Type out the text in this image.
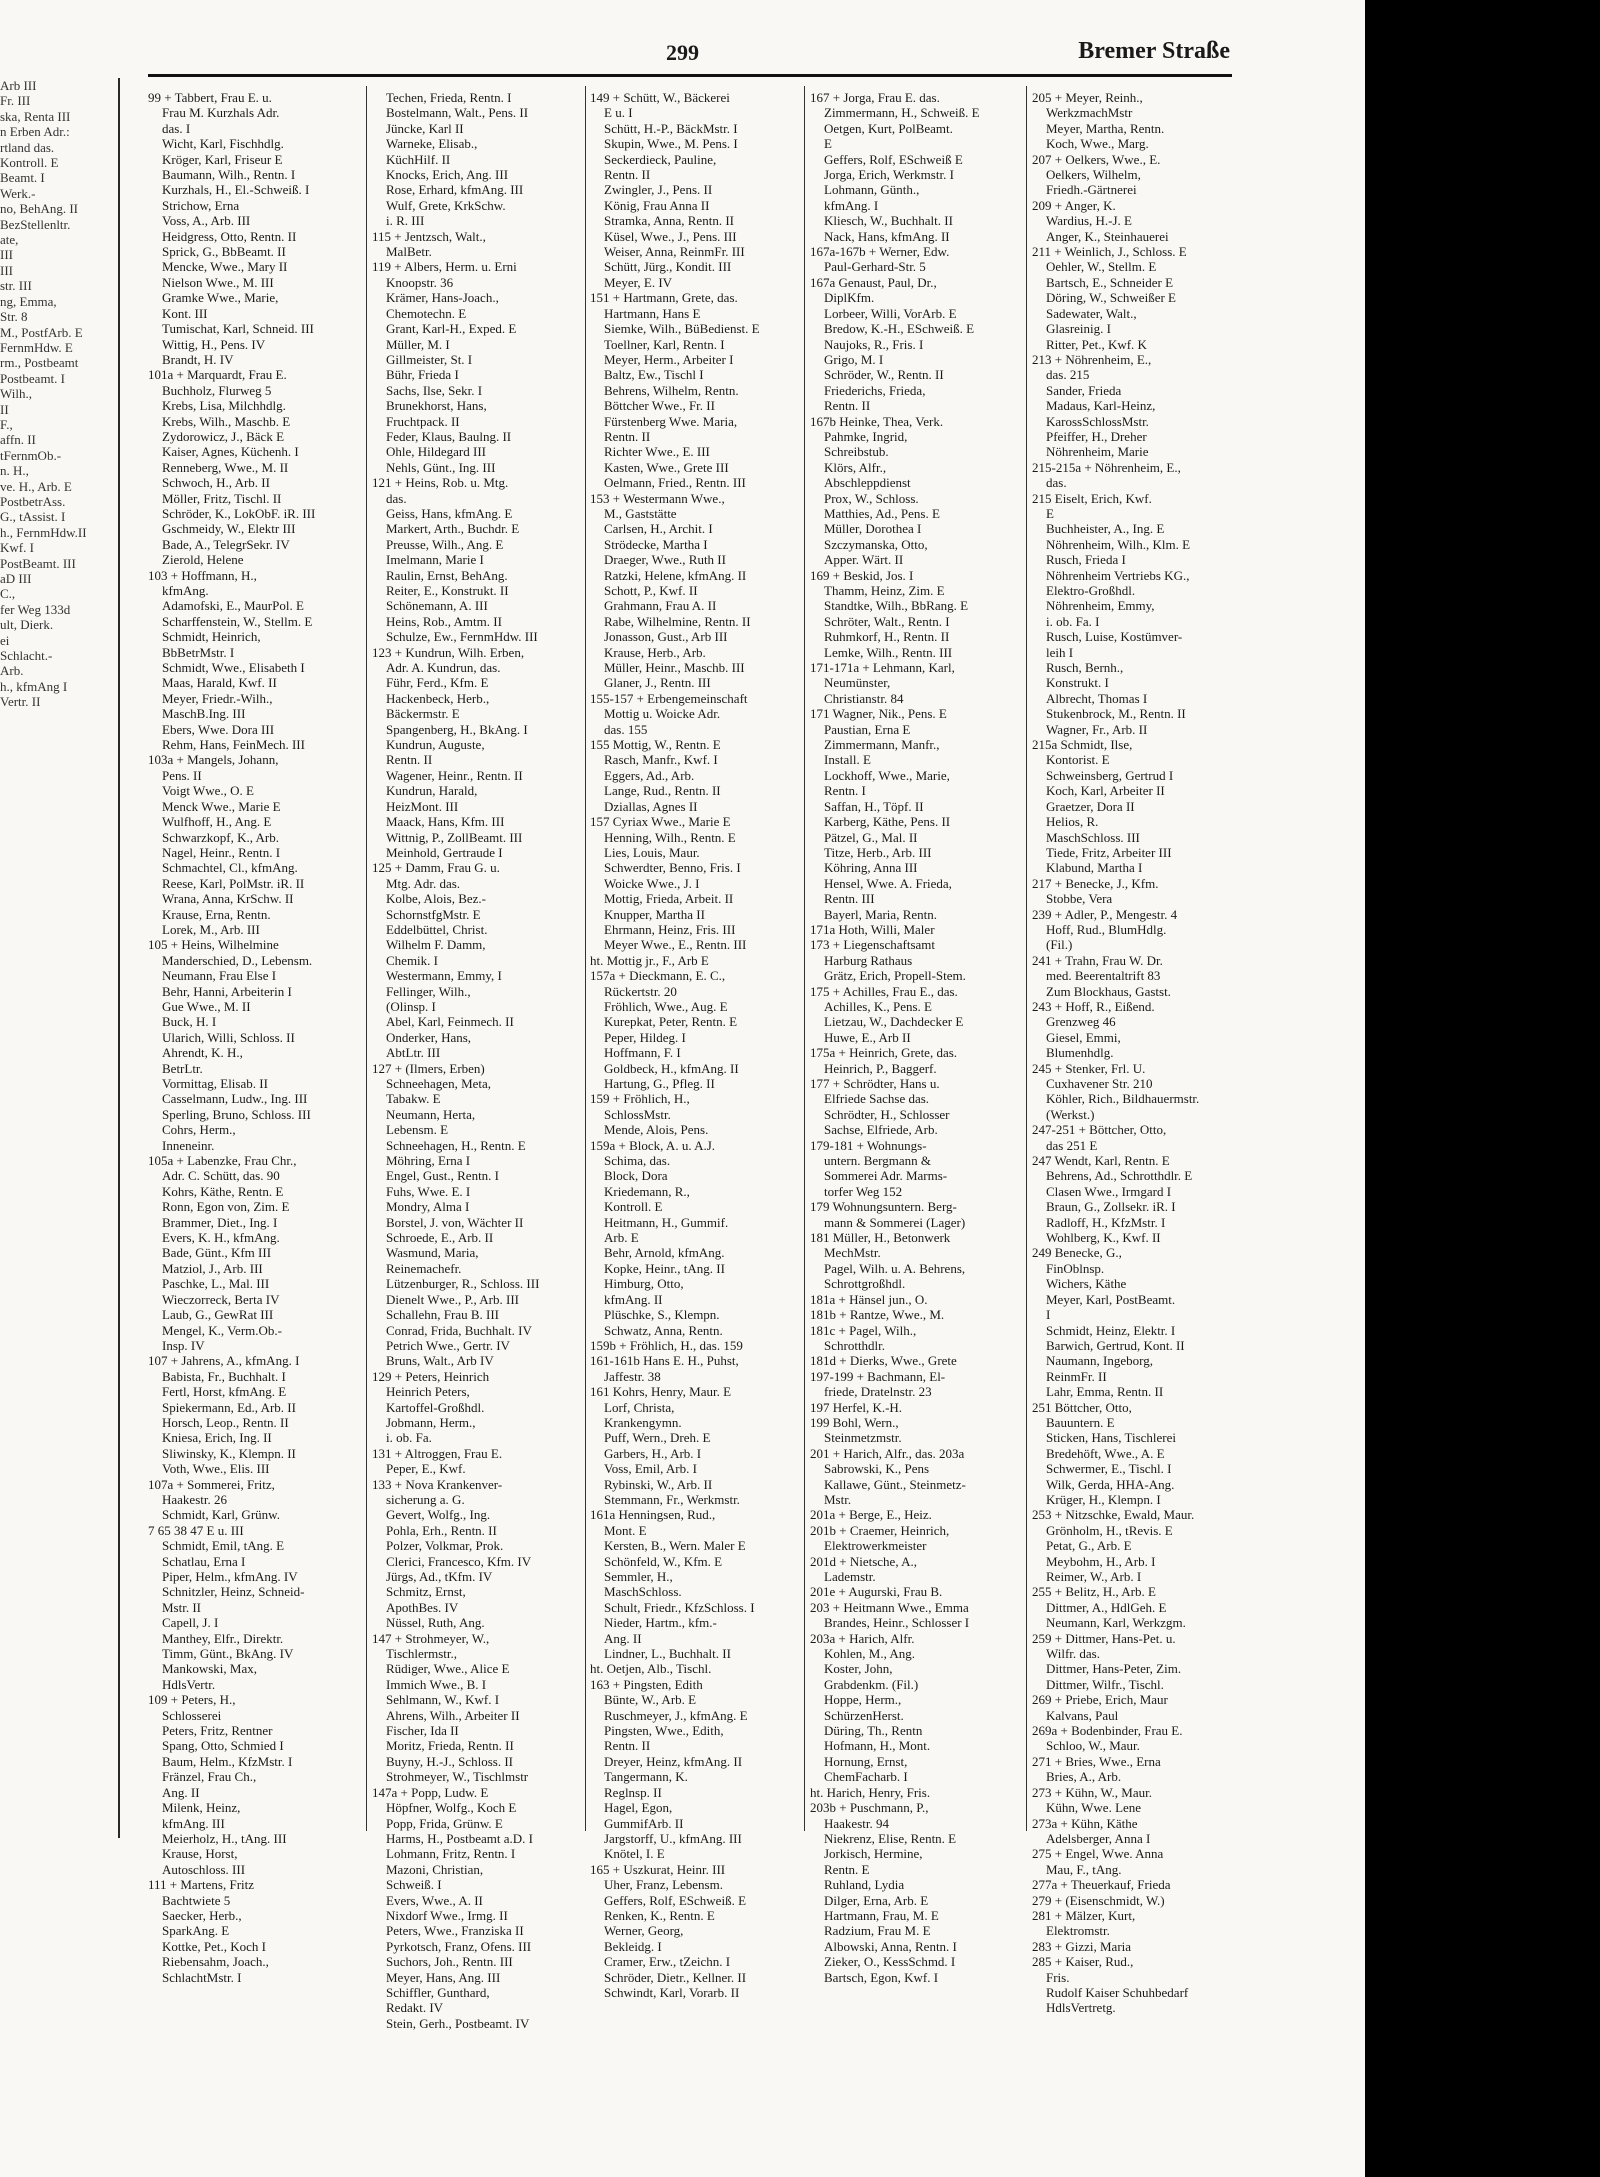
Arb III
Fr. III
ska, Renta III
n Erben Adr.:
rtland das.
Kontroll. E
Beamt. I
Werk.-
no, BehAng. II
BezStellenltr.
ate,
III
III
str. III
ng, Emma,
Str. 8
M., PostfArb. E
FernmHdw. E
rm., Postbeamt
Postbeamt. I
Wilh.,
II
F.,
affn. II
tFernmOb.-
n. H.,
ve. H., Arb. E
PostbetrAss.
G., tAssist. I
h., FernmHdw.II
Kwf. I
PostBeamt. III
aD III
C.,
fer Weg 133d
ult, Dierk.
ei
Schlacht.-
Arb.
h., kfmAng I
Vertr. II
299	Bremer Straße
99 + Tabbert, Frau E. u.
Frau M. Kurzhals Adr.
das. I
Wicht, Karl, Fischhdlg.
Kröger, Karl, Friseur E
Baumann, Wilh., Rentn. I
Kurzhals, H., El.-Schweiß. I
Strichow, Erna
Voss, A., Arb. III
Heidgress, Otto, Rentn. II
Sprick, G., BbBeamt. II
Mencke, Wwe., Mary II
Nielson Wwe., M. III
Gramke Wwe., Marie,
Kont. III
Tumischat, Karl, Schneid. III
Wittig, H., Pens. IV
Brandt, H. IV
101a + Marquardt, Frau E.
Buchholz, Flurweg 5
Krebs, Lisa, Milchhdlg.
Krebs, Wilh., Maschb. E
Zydorowicz, J., Bäck E
Kaiser, Agnes, Küchenh. I
Renneberg, Wwe., M. II
Schwoch, H., Arb. II
Möller, Fritz, Tischl. II
Schröder, K., LokObF. iR. III
Gschmeidy, W., Elektr III
Bade, A., TelegrSekr. IV
Zierold, Helene
103 + Hoffmann, H.,
kfmAng.
Adamofski, E., MaurPol. E
Scharffenstein, W., Stellm. E
Schmidt, Heinrich,
BbBetrMstr. I
Schmidt, Wwe., Elisabeth I
Maas, Harald, Kwf. II
Meyer, Friedr.-Wilh.,
MaschB.Ing. III
Ebers, Wwe. Dora III
Rehm, Hans, FeinMech. III
103a + Mangels, Johann,
Pens. II
Voigt Wwe., O. E
Menck Wwe., Marie E
Wulfhoff, H., Ang. E
Schwarzkopf, K., Arb.
Nagel, Heinr., Rentn. I
Schmachtel, Cl., kfmAng.
Reese, Karl, PolMstr. iR. II
Wrana, Anna, KrSchw. II
Krause, Erna, Rentn.
Lorek, M., Arb. III
105 + Heins, Wilhelmine
Manderschied, D., Lebensm.
Neumann, Frau Else I
Behr, Hanni, Arbeiterin I
Gue Wwe., M. II
Buck, H. I
Ularich, Willi, Schloss. II
Ahrendt, K. H.,
BetrLtr.
Vormittag, Elisab. II
Casselmann, Ludw., Ing. III
Sperling, Bruno, Schloss. III
Cohrs, Herm.,
Inneneinr.
105a + Labenzke, Frau Chr.,
Adr. C. Schütt, das. 90
Kohrs, Käthe, Rentn. E
Ronn, Egon von, Zim. E
Brammer, Diet., Ing. I
Evers, K. H., kfmAng.
Bade, Günt., Kfm III
Matziol, J., Arb. III
Paschke, L., Mal. III
Wieczorreck, Berta IV
Laub, G., GewRat III
Mengel, K., Verm.Ob.-
Insp. IV
107 + Jahrens, A., kfmAng. I
Babista, Fr., Buchhalt. I
Fertl, Horst, kfmAng. E
Spiekermann, Ed., Arb. II
Horsch, Leop., Rentn. II
Kniesa, Erich, Ing. II
Sliwinsky, K., Klempn. II
Voth, Wwe., Elis. III
107a + Sommerei, Fritz,
Haakestr. 26
Schmidt, Karl, Grünw.
7 65 38 47 E u. III
Schmidt, Emil, tAng. E
Schatlau, Erna I
Piper, Helm., kfmAng. IV
Schnitzler, Heinz, Schneid-
Mstr. II
Capell, J. I
Manthey, Elfr., Direktr.
Timm, Günt., BkAng. IV
Mankowski, Max,
HdlsVertr.
109 + Peters, H.,
Schlosserei
Peters, Fritz, Rentner
Spang, Otto, Schmied I
Baum, Helm., KfzMstr. I
Fränzel, Frau Ch.,
Ang. II
Milenk, Heinz,
kfmAng. III
Meierholz, H., tAng. III
Krause, Horst,
Autoschloss. III
111 + Martens, Fritz
Bachtwiete 5
Saecker, Herb.,
SparkAng. E
Kottke, Pet., Koch I
Riebensahm, Joach.,
SchlachtMstr. I
Techen, Frieda, Rentn. I
Bostelmann, Walt., Pens. II
Jüncke, Karl II
Warneke, Elisab.,
KüchHilf. II
Knocks, Erich, Ang. III
Rose, Erhard, kfmAng. III
Wulf, Grete, KrkSchw.
i. R. III
115 + Jentzsch, Walt.,
MalBetr.
119 + Albers, Herm. u. Erni
Knoopstr. 36
Krämer, Hans-Joach.,
Chemotechn. E
Grant, Karl-H., Exped. E
Müller, M. I
Gillmeister, St. I
Bühr, Frieda I
Sachs, Ilse, Sekr. I
Brunekhorst, Hans,
Fruchtpack. II
Feder, Klaus, Baulng. II
Ohle, Hildegard III
Nehls, Günt., Ing. III
121 + Heins, Rob. u. Mtg.
das.
Geiss, Hans, kfmAng. E
Markert, Arth., Buchdr. E
Preusse, Wilh., Ang. E
Imelmann, Marie I
Raulin, Ernst, BehAng.
Reiter, E., Konstrukt. II
Schönemann, A. III
Heins, Rob., Amtm. II
Schulze, Ew., FernmHdw. III
123 + Kundrun, Wilh. Erben,
Adr. A. Kundrun, das.
Führ, Ferd., Kfm. E
Hackenbeck, Herb.,
Bäckermstr. E
Spangenberg, H., BkAng. I
Kundrun, Auguste,
Rentn. II
Wagener, Heinr., Rentn. II
Kundrun, Harald,
HeizMont. III
Maack, Hans, Kfm. III
Wittnig, P., ZollBeamt. III
Meinhold, Gertraude I
125 + Damm, Frau G. u.
Mtg. Adr. das.
Kolbe, Alois, Bez.-
SchornstfgMstr. E
Eddelbüttel, Christ.
Wilhelm F. Damm,
Chemik. I
Westermann, Emmy, I
Fellinger, Wilh.,
(Olinsp. I
Abel, Karl, Feinmech. II
Onderker, Hans,
AbtLtr. III
127 + (Ilmers, Erben)
Schneehagen, Meta,
Tabakw. E
Neumann, Herta,
Lebensm. E
Schneehagen, H., Rentn. E
Möhring, Erna I
Engel, Gust., Rentn. I
Fuhs, Wwe. E. I
Mondry, Alma I
Borstel, J. von, Wächter II
Schroede, E., Arb. II
Wasmund, Maria,
Reinemachefr.
Lützenburger, R., Schloss. III
Dienelt Wwe., P., Arb. III
Schallehn, Frau B. III
Conrad, Frida, Buchhalt. IV
Petrich Wwe., Gertr. IV
Bruns, Walt., Arb IV
129 + Peters, Heinrich
Heinrich Peters,
Kartoffel-Großhdl.
Jobmann, Herm.,
i. ob. Fa.
131 + Altroggen, Frau E.
Peper, E., Kwf.
133 + Nova Krankenver-
sicherung a. G.
Gevert, Wolfg., Ing.
Pohla, Erh., Rentn. II
Polzer, Volkmar, Prok.
Clerici, Francesco, Kfm. IV
Jürgs, Ad., tKfm. IV
Schmitz, Ernst,
ApothBes. IV
Nüssel, Ruth, Ang.
147 + Strohmeyer, W.,
Tischlermstr.,
Rüdiger, Wwe., Alice E
Immich Wwe., B. I
Sehlmann, W., Kwf. I
Ahrens, Wilh., Arbeiter II
Fischer, Ida II
Moritz, Frieda, Rentn. II
Buyny, H.-J., Schloss. II
Strohmeyer, W., Tischlmstr
147a + Popp, Ludw. E
Höpfner, Wolfg., Koch E
Popp, Frida, Grünw. E
Harms, H., Postbeamt a.D. I
Lohmann, Fritz, Rentn. I
Mazoni, Christian,
Schweiß. I
Evers, Wwe., A. II
Nixdorf Wwe., Irmg. II
Peters, Wwe., Franziska II
Pyrkotsch, Franz, Ofens. III
Suchors, Joh., Rentn. III
Meyer, Hans, Ang. III
Schiffler, Gunthard,
Redakt. IV
Stein, Gerh., Postbeamt. IV
149 + Schütt, W., Bäckerei
E u. I
Schütt, H.-P., BäckMstr. I
Skupin, Wwe., M. Pens. I
Seckerdieck, Pauline,
Rentn. II
Zwingler, J., Pens. II
König, Frau Anna II
Stramka, Anna, Rentn. II
Küsel, Wwe., J., Pens. III
Weiser, Anna, ReinmFr. III
Schütt, Jürg., Kondit. III
Meyer, E. IV
151 + Hartmann, Grete, das.
Hartmann, Hans E
Siemke, Wilh., BüBedienst. E
Toellner, Karl, Rentn. I
Meyer, Herm., Arbeiter I
Baltz, Ew., Tischl I
Behrens, Wilhelm, Rentn.
Böttcher Wwe., Fr. II
Fürstenberg Wwe. Maria,
Rentn. II
Richter Wwe., E. III
Kasten, Wwe., Grete III
Oelmann, Fried., Rentn. III
153 + Westermann Wwe.,
M., Gaststätte
Carlsen, H., Archit. I
Strödecke, Martha I
Draeger, Wwe., Ruth II
Ratzki, Helene, kfmAng. II
Schott, P., Kwf. II
Grahmann, Frau A. II
Rabe, Wilhelmine, Rentn. II
Jonasson, Gust., Arb III
Krause, Herb., Arb.
Müller, Heinr., Maschb. III
Glaner, J., Rentn. III
155-157 + Erbengemeinschaft
Mottig u. Woicke Adr.
das. 155
155 Mottig, W., Rentn. E
Rasch, Manfr., Kwf. I
Eggers, Ad., Arb.
Lange, Rud., Rentn. II
Dziallas, Agnes II
157 Cyriax Wwe., Marie E
Henning, Wilh., Rentn. E
Lies, Louis, Maur.
Schwerdter, Benno, Fris. I
Woicke Wwe., J. I
Mottig, Frieda, Arbeit. II
Knupper, Martha II
Ehrmann, Heinz, Fris. III
Meyer Wwe., E., Rentn. III
ht. Mottig jr., F., Arb E
157a + Dieckmann, E. C.,
Rückertstr. 20
Fröhlich, Wwe., Aug. E
Kurepkat, Peter, Rentn. E
Peper, Hildeg. I
Hoffmann, F. I
Goldbeck, H., kfmAng. II
Hartung, G., Pfleg. II
159 + Fröhlich, H.,
SchlossMstr.
Mende, Alois, Pens.
159a + Block, A. u. A.J.
Schima, das.
Block, Dora
Kriedemann, R.,
Kontroll. E
Heitmann, H., Gummif.
Arb. E
Behr, Arnold, kfmAng.
Kopke, Heinr., tAng. II
Himburg, Otto,
kfmAng. II
Plüschke, S., Klempn.
Schwatz, Anna, Rentn.
159b + Fröhlich, H., das. 159
161-161b Hans E. H., Puhst,
Jaffestr. 38
161 Kohrs, Henry, Maur. E
Lorf, Christa,
Krankengymn.
Puff, Wern., Dreh. E
Garbers, H., Arb. I
Voss, Emil, Arb. I
Rybinski, W., Arb. II
Stemmann, Fr., Werkmstr.
161a Henningsen, Rud.,
Mont. E
Kersten, B., Wern. Maler E
Schönfeld, W., Kfm. E
Semmler, H.,
MaschSchloss.
Schult, Friedr., KfzSchloss. I
Nieder, Hartm., kfm.-
Ang. II
Lindner, L., Buchhalt. II
ht. Oetjen, Alb., Tischl.
163 + Pingsten, Edith
Bünte, W., Arb. E
Ruschmeyer, J., kfmAng. E
Pingsten, Wwe., Edith,
Rentn. II
Dreyer, Heinz, kfmAng. II
Tangermann, K.
Reglnsp. II
Hagel, Egon,
GummifArb. II
Jargstorff, U., kfmAng. III
Knötel, I. E
165 + Uszkurat, Heinr. III
Uher, Franz, Lebensm.
Geffers, Rolf, ESchweiß. E
Renken, K., Rentn. E
Werner, Georg,
Bekleidg. I
Cramer, Erw., tZeichn. I
Schröder, Dietr., Kellner. II
Schwindt, Karl, Vorarb. II
167 + Jorga, Frau E. das.
Zimmermann, H., Schweiß. E
Oetgen, Kurt, PolBeamt.
E
Geffers, Rolf, ESchweiß E
Jorga, Erich, Werkmstr. I
Lohmann, Günth.,
kfmAng. I
Kliesch, W., Buchhalt. II
Nack, Hans, kfmAng. II
167a-167b + Werner, Edw.
Paul-Gerhard-Str. 5
167a Genaust, Paul, Dr.,
DiplKfm.
Lorbeer, Willi, VorArb. E
Bredow, K.-H., ESchweiß. E
Naujoks, R., Fris. I
Grigo, M. I
Schröder, W., Rentn. II
Friederichs, Frieda,
Rentn. II
167b Heinke, Thea, Verk.
Pahmke, Ingrid,
Schreibstub.
Klörs, Alfr.,
Abschleppdienst
Prox, W., Schloss.
Matthies, Ad., Pens. E
Müller, Dorothea I
Szczymanska, Otto,
Apper. Wärt. II
169 + Beskid, Jos. I
Thamm, Heinz, Zim. E
Standtke, Wilh., BbRang. E
Schröter, Walt., Rentn. I
Ruhmkorf, H., Rentn. II
Lemke, Wilh., Rentn. III
171-171a + Lehmann, Karl,
Neumünster,
Christianstr. 84
171 Wagner, Nik., Pens. E
Paustian, Erna E
Zimmermann, Manfr.,
Install. E
Lockhoff, Wwe., Marie,
Rentn. I
Saffan, H., Töpf. II
Karberg, Käthe, Pens. II
Pätzel, G., Mal. II
Titze, Herb., Arb. III
Köhring, Anna III
Hensel, Wwe. A. Frieda,
Rentn. III
Bayerl, Maria, Rentn.
171a Hoth, Willi, Maler
173 + Liegenschaftsamt
Harburg Rathaus
Grätz, Erich, Propell-Stem.
175 + Achilles, Frau E., das.
Achilles, K., Pens. E
Lietzau, W., Dachdecker E
Huwe, E., Arb II
175a + Heinrich, Grete, das.
Heinrich, P., Baggerf.
177 + Schrödter, Hans u.
Elfriede Sachse das.
Schrödter, H., Schlosser
Sachse, Elfriede, Arb.
179-181 + Wohnungs-
untern. Bergmann &
Sommerei Adr. Marms-
torfer Weg 152
179 Wohnungsuntern. Berg-
mann & Sommerei (Lager)
181 Müller, H., Betonwerk
MechMstr.
Pagel, Wilh. u. A. Behrens,
Schrottgroßhdl.
181a + Hänsel jun., O.
181b + Rantze, Wwe., M.
181c + Pagel, Wilh.,
Schrotthdlr.
181d + Dierks, Wwe., Grete
197-199 + Bachmann, El-
friede, Dratelnstr. 23
197 Herfel, K.-H.
199 Bohl, Wern.,
Steinmetzmstr.
201 + Harich, Alfr., das. 203a
Sabrowski, K., Pens
Kallawe, Günt., Steinmetz-
Mstr.
201a + Berge, E., Heiz.
201b + Craemer, Heinrich,
Elektrowerkmeister
201d + Nietsche, A.,
Lademstr.
201e + Augurski, Frau B.
203 + Heitmann Wwe., Emma
Brandes, Heinr., Schlosser I
203a + Harich, Alfr.
Kohlen, M., Ang.
Koster, John,
Grabdenkm. (Fil.)
Hoppe, Herm.,
SchürzenHerst.
Düring, Th., Rentn
Hofmann, H., Mont.
Hornung, Ernst,
ChemFacharb. I
ht. Harich, Henry, Fris.
203b + Puschmann, P.,
Haakestr. 94
Niekrenz, Elise, Rentn. E
Jorkisch, Hermine,
Rentn. E
Ruhland, Lydia
Dilger, Erna, Arb. E
Hartmann, Frau, M. E
Radzium, Frau M. E
Albowski, Anna, Rentn. I
Zieker, O., KessSchmd. I
Bartsch, Egon, Kwf. I
205 + Meyer, Reinh.,
WerkzmachMstr
Meyer, Martha, Rentn.
Koch, Wwe., Marg.
207 + Oelkers, Wwe., E.
Oelkers, Wilhelm,
Friedh.-Gärtnerei
209 + Anger, K.
Wardius, H.-J. E
Anger, K., Steinhauerei
211 + Weinlich, J., Schloss. E
Oehler, W., Stellm. E
Bartsch, E., Schneider E
Döring, W., Schweißer E
Sadewater, Walt.,
Glasreinig. I
Ritter, Pet., Kwf. K
213 + Nöhrenheim, E.,
das. 215
Sander, Frieda
Madaus, Karl-Heinz,
KarossSchlossMstr.
Pfeiffer, H., Dreher
Nöhrenheim, Marie
215-215a + Nöhrenheim, E.,
das.
215 Eiselt, Erich, Kwf.
E
Buchheister, A., Ing. E
Nöhrenheim, Wilh., Klm. E
Rusch, Frieda I
Nöhrenheim Vertriebs KG.,
Elektro-Großhdl.
Nöhrenheim, Emmy,
i. ob. Fa. I
Rusch, Luise, Kostümver-
leih I
Rusch, Bernh.,
Konstrukt. I
Albrecht, Thomas I
Stukenbrock, M., Rentn. II
Wagner, Fr., Arb. II
215a Schmidt, Ilse,
Kontorist. E
Schweinsberg, Gertrud I
Koch, Karl, Arbeiter II
Graetzer, Dora II
Helios, R.
MaschSchloss. III
Tiede, Fritz, Arbeiter III
Klabund, Martha I
217 + Benecke, J., Kfm.
Stobbe, Vera
239 + Adler, P., Mengestr. 4
Hoff, Rud., BlumHdlg.
(Fil.)
241 + Trahn, Frau W. Dr.
med. Beerentaltrift 83
Zum Blockhaus, Gastst.
243 + Hoff, R., Eißend.
Grenzweg 46
Giesel, Emmi,
Blumenhdlg.
245 + Stenker, Frl. U.
Cuxhavener Str. 210
Köhler, Rich., Bildhauermstr.
(Werkst.)
247-251 + Böttcher, Otto,
das 251 E
247 Wendt, Karl, Rentn. E
Behrens, Ad., Schrotthdlr. E
Clasen Wwe., Irmgard I
Braun, G., Zollsekr. iR. I
Radloff, H., KfzMstr. I
Wohlberg, K., Kwf. II
249 Benecke, G.,
FinOblnsp.
Wichers, Käthe
Meyer, Karl, PostBeamt.
I
Schmidt, Heinz, Elektr. I
Barwich, Gertrud, Kont. II
Naumann, Ingeborg,
ReinmFr. II
Lahr, Emma, Rentn. II
251 Böttcher, Otto,
Bauuntern. E
Sticken, Hans, Tischlerei
Bredehöft, Wwe., A. E
Schwermer, E., Tischl. I
Wilk, Gerda, HHA-Ang.
Krüger, H., Klempn. I
253 + Nitzschke, Ewald, Maur.
Grönholm, H., tRevis. E
Petat, G., Arb. E
Meybohm, H., Arb. I
Reimer, W., Arb. I
255 + Belitz, H., Arb. E
Dittmer, A., HdlGeh. E
Neumann, Karl, Werkzgm.
259 + Dittmer, Hans-Pet. u.
Wilfr. das.
Dittmer, Hans-Peter, Zim.
Dittmer, Wilfr., Tischl.
269 + Priebe, Erich, Maur
Kalvans, Paul
269a + Bodenbinder, Frau E.
Schloo, W., Maur.
271 + Bries, Wwe., Erna
Bries, A., Arb.
273 + Kühn, W., Maur.
Kühn, Wwe. Lene
273a + Kühn, Käthe
Adelsberger, Anna I
275 + Engel, Wwe. Anna
Mau, F., tAng.
277a + Theuerkauf, Frieda
279 + (Eisenschmidt, W.)
281 + Mälzer, Kurt,
Elektromstr.
283 + Gizzi, Maria
285 + Kaiser, Rud.,
Fris.
Rudolf Kaiser Schuhbedarf
HdlsVertretg.
